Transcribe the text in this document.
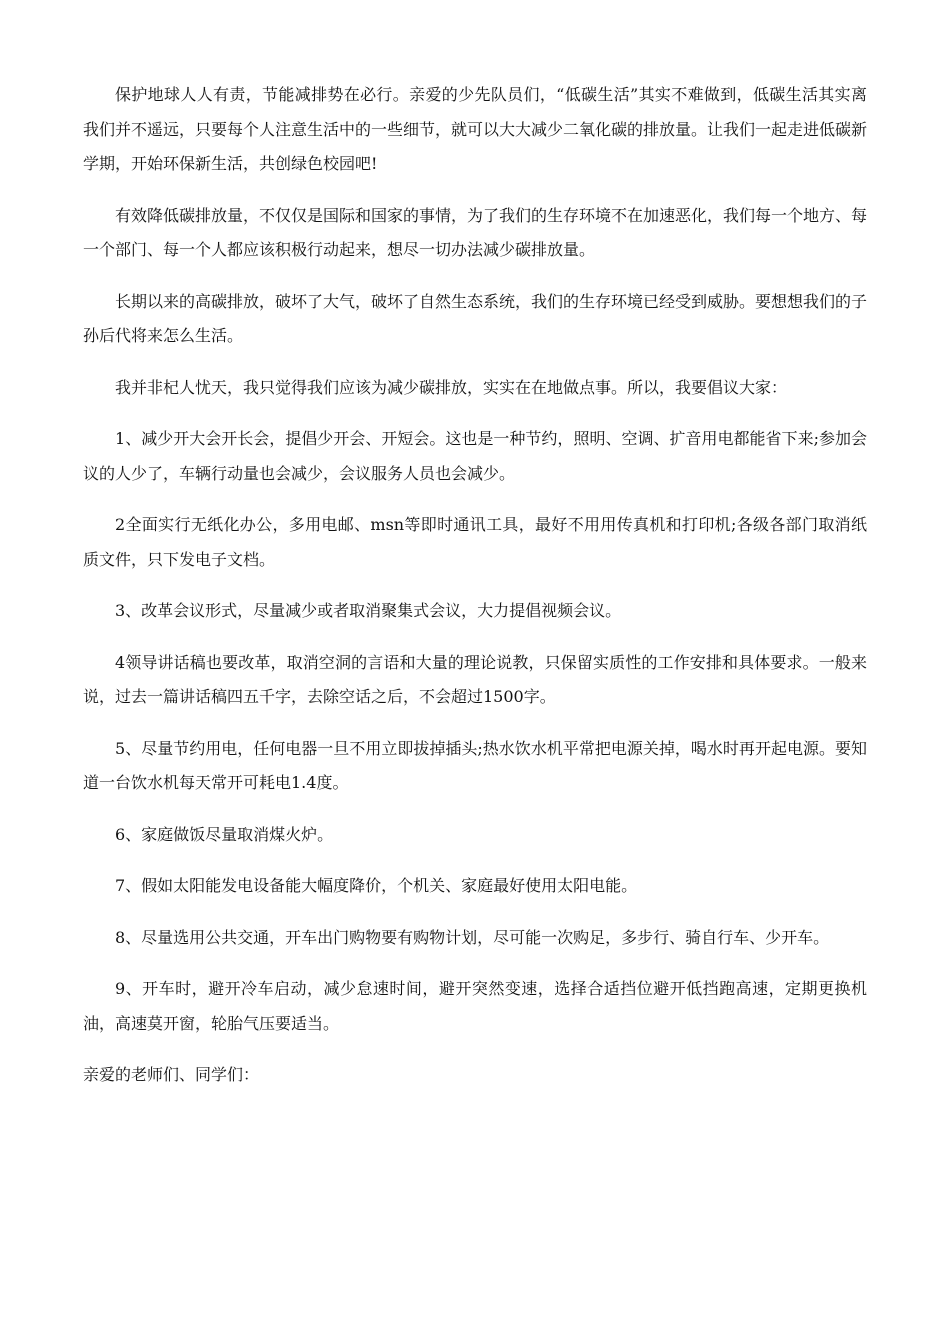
保护地球人人有责，节能减排势在必行。亲爱的少先队员们，“低碳生活”其实不难做到，低碳生活其实离我们并不遥远，只要每个人注意生活中的一些细节，就可以大大减少二氧化碳的排放量。让我们一起走进低碳新学期，开始环保新生活，共创绿色校园吧!

有效降低碳排放量，不仅仅是国际和国家的事情，为了我们的生存环境不在加速恶化，我们每一个地方、每一个部门、每一个人都应该积极行动起来，想尽一切办法减少碳排放量。

长期以来的高碳排放，破坏了大气，破坏了自然生态系统，我们的生存环境已经受到威胁。要想想我们的子孙后代将来怎么生活。

我并非杞人忧天，我只觉得我们应该为减少碳排放，实实在在地做点事。所以，我要倡议大家：

1、减少开大会开长会，提倡少开会、开短会。这也是一种节约，照明、空调、扩音用电都能省下来;参加会议的人少了，车辆行动量也会减少，会议服务人员也会减少。

2全面实行无纸化办公，多用电邮、msn等即时通讯工具，最好不用用传真机和打印机;各级各部门取消纸质文件，只下发电子文档。

3、改革会议形式，尽量减少或者取消聚集式会议，大力提倡视频会议。

4领导讲话稿也要改革，取消空洞的言语和大量的理论说教，只保留实质性的工作安排和具体要求。一般来说，过去一篇讲话稿四五千字，去除空话之后，不会超过1500字。

5、尽量节约用电，任何电器一旦不用立即拔掉插头;热水饮水机平常把电源关掉，喝水时再开起电源。要知道一台饮水机每天常开可耗电1.4度。

6、家庭做饭尽量取消煤火炉。

7、假如太阳能发电设备能大幅度降价，个机关、家庭最好使用太阳电能。

8、尽量选用公共交通，开车出门购物要有购物计划，尽可能一次购足，多步行、骑自行车、少开车。

9、开车时，避开冷车启动，减少怠速时间，避开突然变速，选择合适挡位避开低挡跑高速，定期更换机油，高速莫开窗，轮胎气压要适当。

亲爱的老师们、同学们：
